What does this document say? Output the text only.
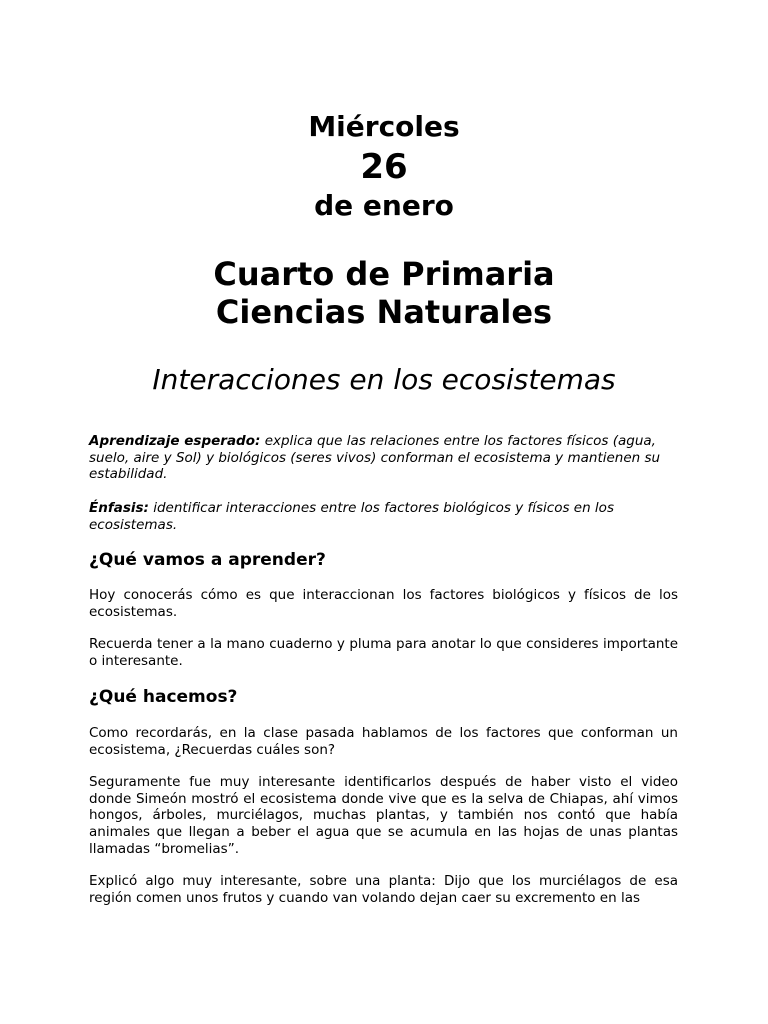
Miércoles
26
de enero
Cuarto de Primaria
Ciencias Naturales
Interacciones en los ecosistemas

Aprendizaje esperado: explica que las relaciones entre los factores físicos (agua, suelo, aire y Sol) y biológicos (seres vivos) conforman el ecosistema y mantienen su estabilidad.

Énfasis: identificar interacciones entre los factores biológicos y físicos en los ecosistemas.

¿Qué vamos a aprender?

Hoy conocerás cómo es que interaccionan los factores biológicos y físicos de los ecosistemas.

Recuerda tener a la mano cuaderno y pluma para anotar lo que consideres importante o interesante.

¿Qué hacemos?

Como recordarás, en la clase pasada hablamos de los factores que conforman un ecosistema, ¿Recuerdas cuáles son?

Seguramente fue muy interesante identificarlos después de haber visto el video donde Simeón mostró el ecosistema donde vive que es la selva de Chiapas, ahí vimos hongos, árboles, murciélagos, muchas plantas, y también nos contó que había animales que llegan a beber el agua que se acumula en las hojas de unas plantas llamadas “bromelias”.

Explicó algo muy interesante, sobre una planta: Dijo que los murciélagos de esa región comen unos frutos y cuando van volando dejan caer su excremento en las
